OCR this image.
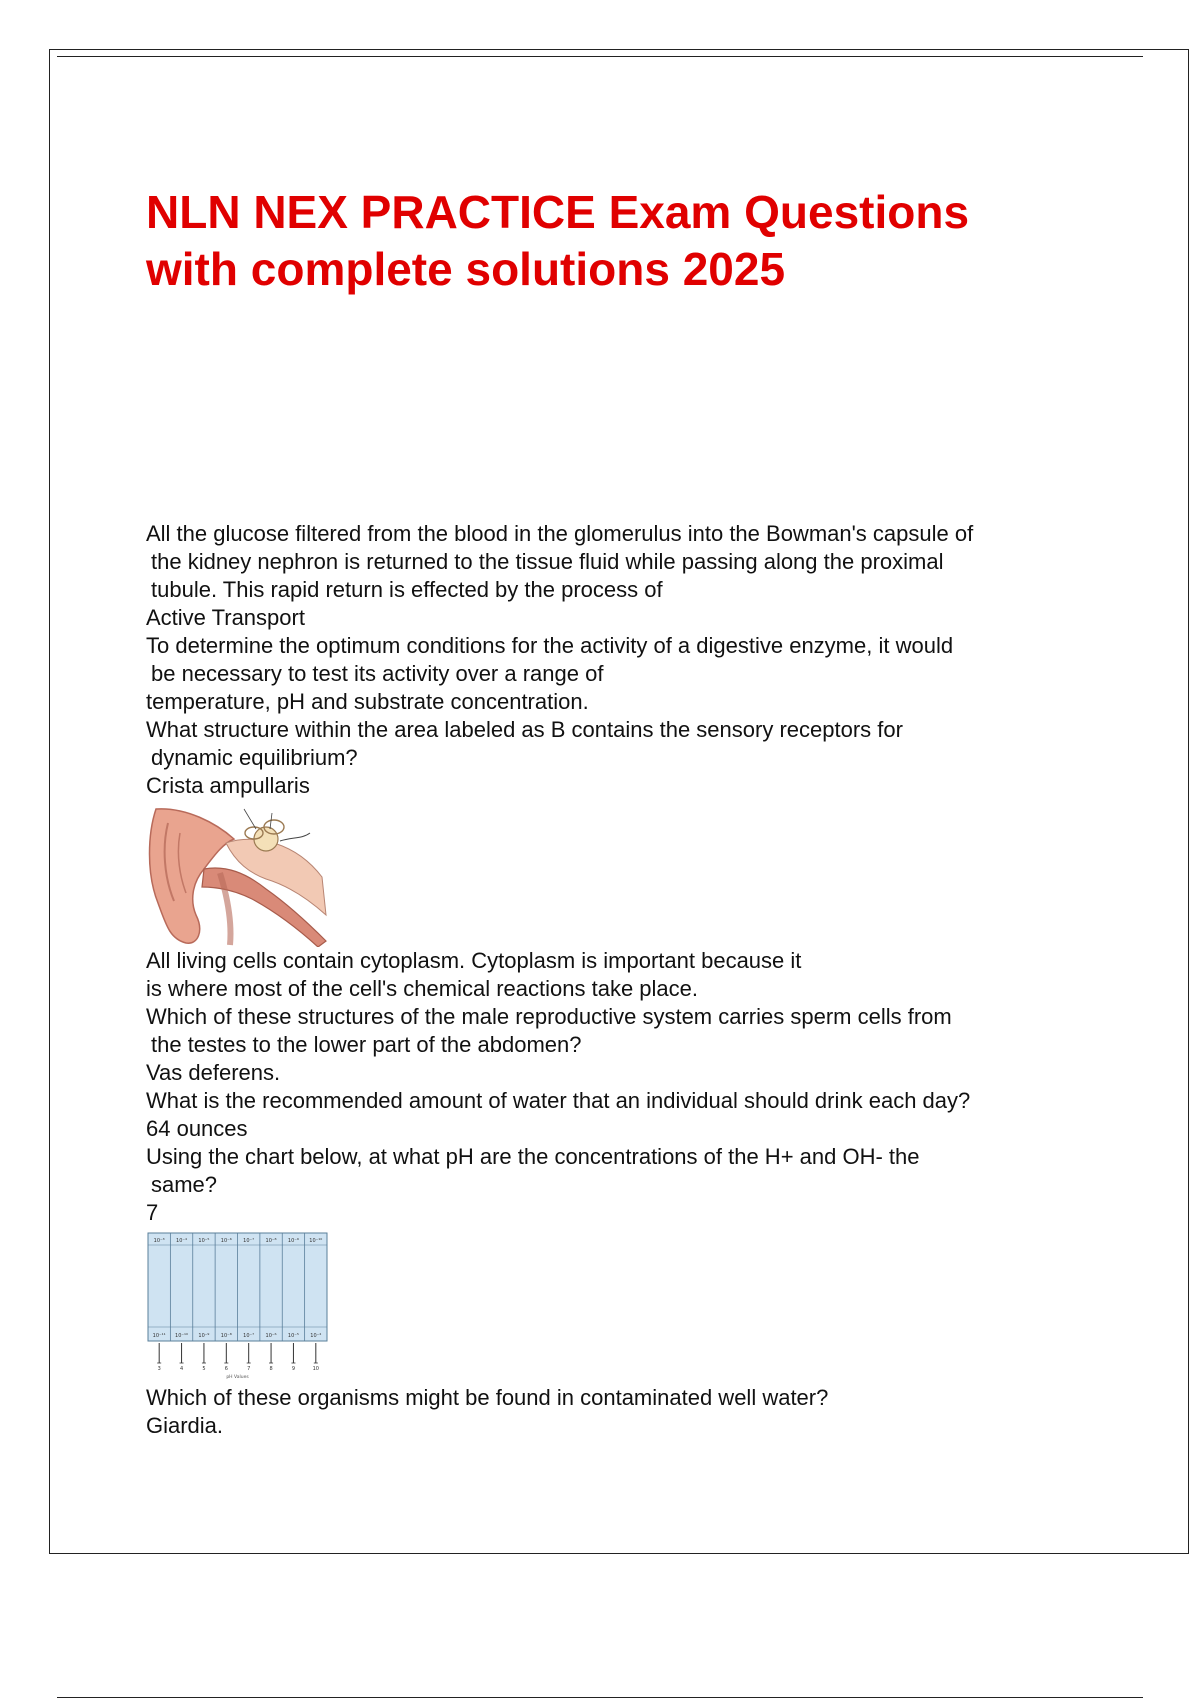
NLN NEX PRACTICE Exam Questions
with complete solutions 2025

All the glucose filtered from the blood in the glomerulus into the Bowman's capsule of

the kidney nephron is returned to the tissue fluid while passing along the proximal

tubule. This rapid return is effected by the process of

Active Transport

To determine the optimum conditions for the activity of a digestive enzyme, it would

be necessary to test its activity over a range of

temperature, pH and substrate concentration.

What structure within the area labeled as B contains the sensory receptors for

dynamic equilibrium?

Crista ampullaris

All living cells contain cytoplasm. Cytoplasm is important because it

is where most of the cell's chemical reactions take place.

Which of these structures of the male reproductive system carries sperm cells from

the testes to the lower part of the abdomen?

Vas deferens.

What is the recommended amount of water that an individual should drink each day?

64 ounces

Using the chart below, at what pH are the concentrations of the H+ and OH- the

same?

7

10⁻³
10⁻¹¹
3
10⁻⁴
10⁻¹⁰
4
10⁻⁵
10⁻⁹
5
10⁻⁶
10⁻⁸
6
10⁻⁷
10⁻⁷
7
10⁻⁸
10⁻⁶
8
10⁻⁹
10⁻⁵
9
10⁻¹⁰
10⁻⁴
10
pH Values

Which of these organisms might be found in contaminated well water?

Giardia.
